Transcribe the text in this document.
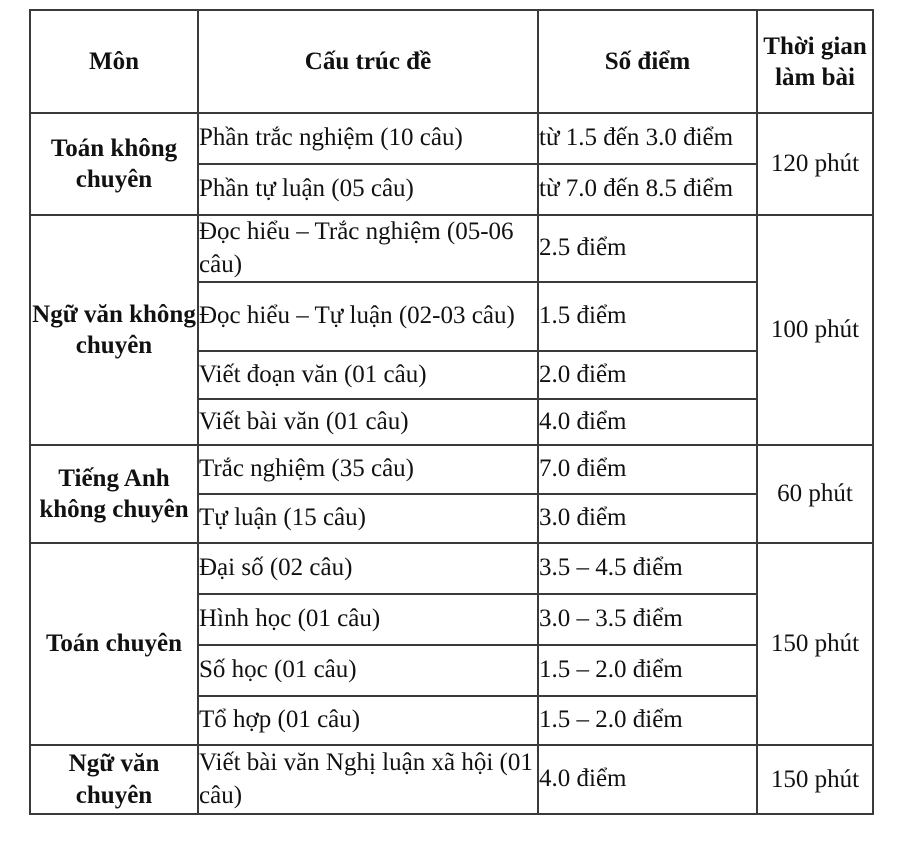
Môn	Cấu trúc đề	Số điểm	Thời gian làm bài
Toán không chuyên	Phần trắc nghiệm (10 câu)	từ 1.5 đến 3.0 điểm	120 phút
	Phần tự luận (05 câu)	từ 7.0 đến 8.5 điểm	
Ngữ văn không chuyên	Đọc hiểu – Trắc nghiệm (05-06 câu)	2.5 điểm	100 phút
	Đọc hiểu – Tự luận (02-03 câu)	1.5 điểm	
	Viết đoạn văn (01 câu)	2.0 điểm	
	Viết bài văn (01 câu)	4.0 điểm	
Tiếng Anh không chuyên	Trắc nghiệm (35 câu)	7.0 điểm	60 phút
	Tự luận (15 câu)	3.0 điểm	
Toán chuyên	Đại số (02 câu)	3.5 – 4.5 điểm	150 phút
	Hình học (01 câu)	3.0 – 3.5 điểm	
	Số học (01 câu)	1.5 – 2.0 điểm	
	Tổ hợp (01 câu)	1.5 – 2.0 điểm	
Ngữ văn chuyên	Viết bài văn Nghị luận xã hội (01 câu)	4.0 điểm	150 phút
